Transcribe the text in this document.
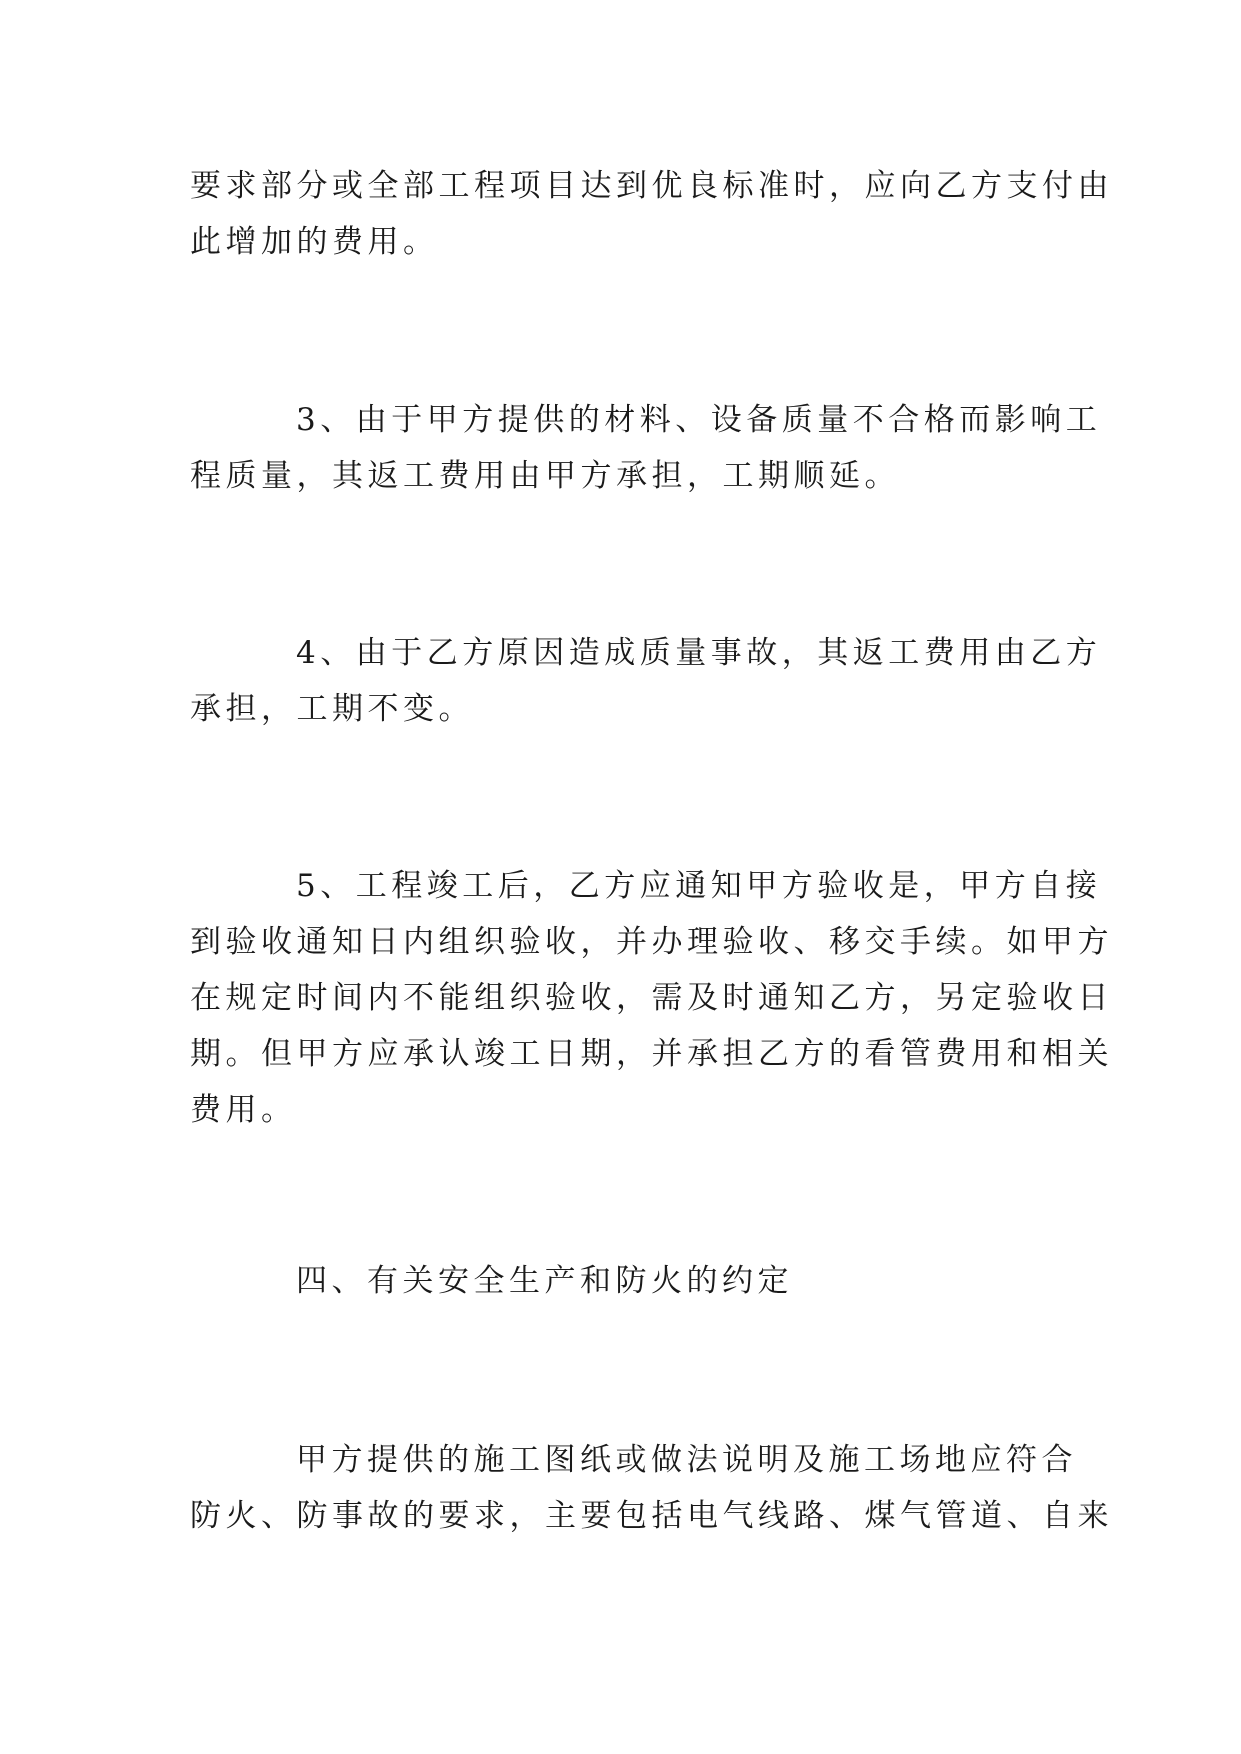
要求部分或全部工程项目达到优良标准时，应向乙方支付由
此增加的费用。
3、由于甲方提供的材料、设备质量不合格而影响工
程质量，其返工费用由甲方承担，工期顺延。
4、由于乙方原因造成质量事故，其返工费用由乙方
承担，工期不变。
5、工程竣工后，乙方应通知甲方验收是，甲方自接
到验收通知日内组织验收，并办理验收、移交手续。如甲方
在规定时间内不能组织验收，需及时通知乙方，另定验收日
期。但甲方应承认竣工日期，并承担乙方的看管费用和相关
费用。
四、有关安全生产和防火的约定
甲方提供的施工图纸或做法说明及施工场地应符合
防火、防事故的要求，主要包括电气线路、煤气管道、自来
